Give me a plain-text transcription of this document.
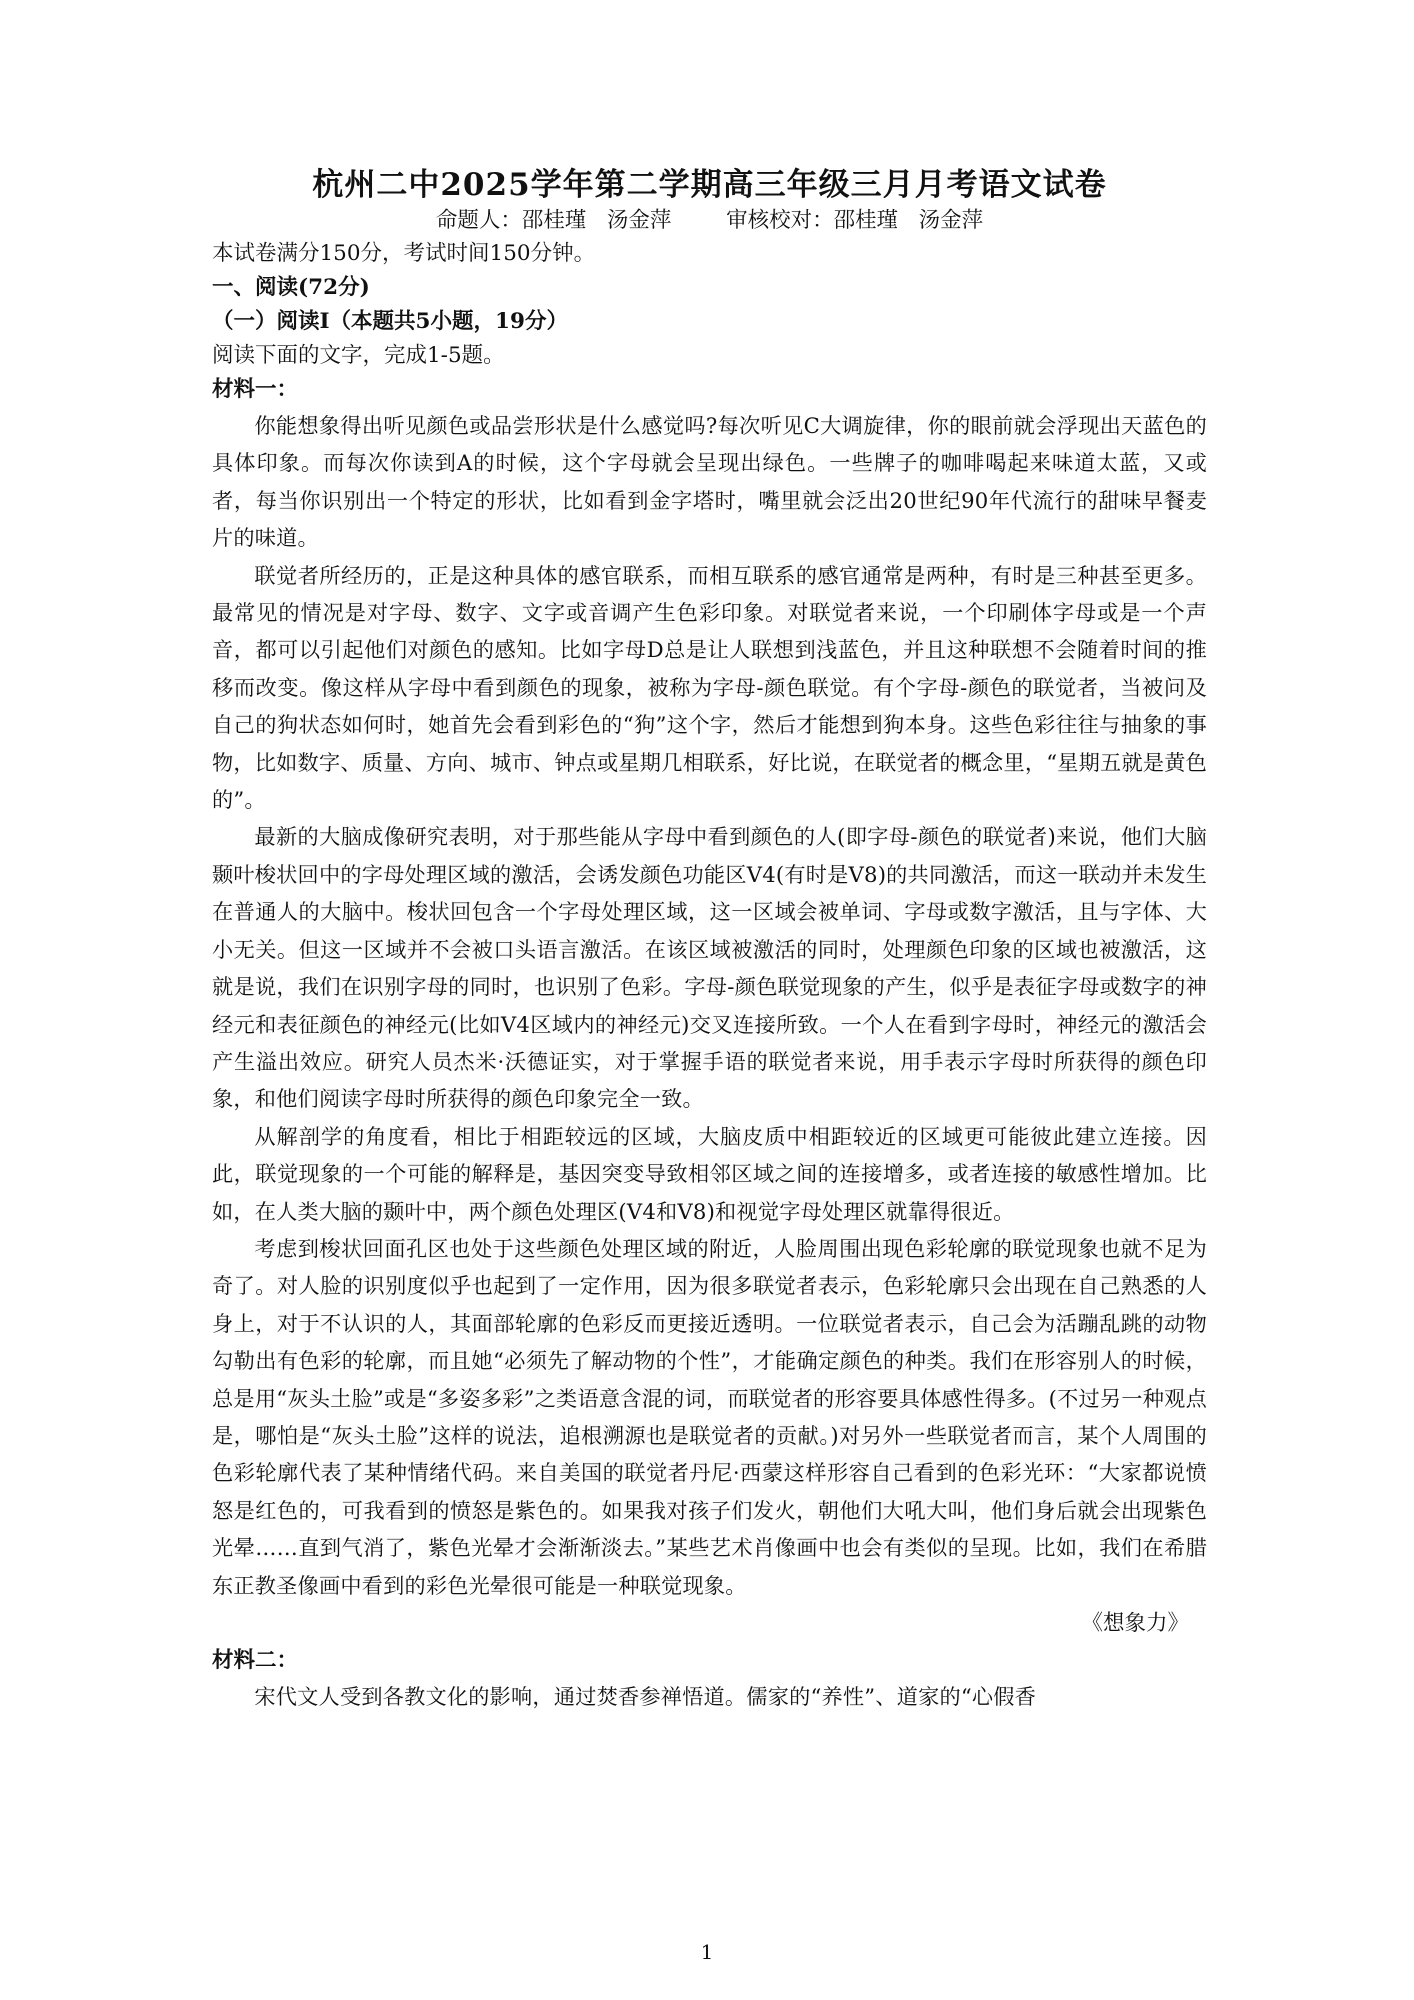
杭州二中2025学年第二学期高三年级三月月考语文试卷

命题人：邵桂瑾   汤金萍        审核校对：邵桂瑾   汤金萍

本试卷满分150分，考试时间150分钟。

一、阅读(72分)

（一）阅读Ⅰ（本题共5小题，19分）

阅读下面的文字，完成1-5题。

材料一：

你能想象得出听见颜色或品尝形状是什么感觉吗?每次听见C大调旋律，你的眼前就会浮现出天蓝色的具体印象。而每次你读到A的时候，这个字母就会呈现出绿色。一些牌子的咖啡喝起来味道太蓝，又或者，每当你识别出一个特定的形状，比如看到金字塔时，嘴里就会泛出20世纪90年代流行的甜味早餐麦片的味道。

联觉者所经历的，正是这种具体的感官联系，而相互联系的感官通常是两种，有时是三种甚至更多。最常见的情况是对字母、数字、文字或音调产生色彩印象。对联觉者来说，一个印刷体字母或是一个声音，都可以引起他们对颜色的感知。比如字母D总是让人联想到浅蓝色，并且这种联想不会随着时间的推移而改变。像这样从字母中看到颜色的现象，被称为字母-颜色联觉。有个字母-颜色的联觉者，当被问及自己的狗状态如何时，她首先会看到彩色的“狗”这个字，然后才能想到狗本身。这些色彩往往与抽象的事物，比如数字、质量、方向、城市、钟点或星期几相联系，好比说，在联觉者的概念里，“星期五就是黄色的”。

最新的大脑成像研究表明，对于那些能从字母中看到颜色的人(即字母-颜色的联觉者)来说，他们大脑颞叶梭状回中的字母处理区域的激活，会诱发颜色功能区V4(有时是V8)的共同激活，而这一联动并未发生在普通人的大脑中。梭状回包含一个字母处理区域，这一区域会被单词、字母或数字激活，且与字体、大小无关。但这一区域并不会被口头语言激活。在该区域被激活的同时，处理颜色印象的区域也被激活，这就是说，我们在识别字母的同时，也识别了色彩。字母-颜色联觉现象的产生，似乎是表征字母或数字的神经元和表征颜色的神经元(比如V4区域内的神经元)交叉连接所致。一个人在看到字母时，神经元的激活会产生溢出效应。研究人员杰米·沃德证实，对于掌握手语的联觉者来说，用手表示字母时所获得的颜色印象，和他们阅读字母时所获得的颜色印象完全一致。

从解剖学的角度看，相比于相距较远的区域，大脑皮质中相距较近的区域更可能彼此建立连接。因此，联觉现象的一个可能的解释是，基因突变导致相邻区域之间的连接增多，或者连接的敏感性增加。比如，在人类大脑的颞叶中，两个颜色处理区(V4和V8)和视觉字母处理区就靠得很近。

考虑到梭状回面孔区也处于这些颜色处理区域的附近，人脸周围出现色彩轮廓的联觉现象也就不足为奇了。对人脸的识别度似乎也起到了一定作用，因为很多联觉者表示，色彩轮廓只会出现在自己熟悉的人身上，对于不认识的人，其面部轮廓的色彩反而更接近透明。一位联觉者表示，自己会为活蹦乱跳的动物勾勒出有色彩的轮廓，而且她“必须先了解动物的个性”，才能确定颜色的种类。我们在形容别人的时候，总是用“灰头土脸”或是“多姿多彩”之类语意含混的词，而联觉者的形容要具体感性得多。(不过另一种观点是，哪怕是“灰头土脸”这样的说法，追根溯源也是联觉者的贡献。)对另外一些联觉者而言，某个人周围的色彩轮廓代表了某种情绪代码。来自美国的联觉者丹尼·西蒙这样形容自己看到的色彩光环：“大家都说愤怒是红色的，可我看到的愤怒是紫色的。如果我对孩子们发火，朝他们大吼大叫，他们身后就会出现紫色光晕……直到气消了，紫色光晕才会渐渐淡去。”某些艺术肖像画中也会有类似的呈现。比如，我们在希腊东正教圣像画中看到的彩色光晕很可能是一种联觉现象。

《想象力》

材料二：

宋代文人受到各教文化的影响，通过焚香参禅悟道。儒家的“养性”、道家的“心假香

1
